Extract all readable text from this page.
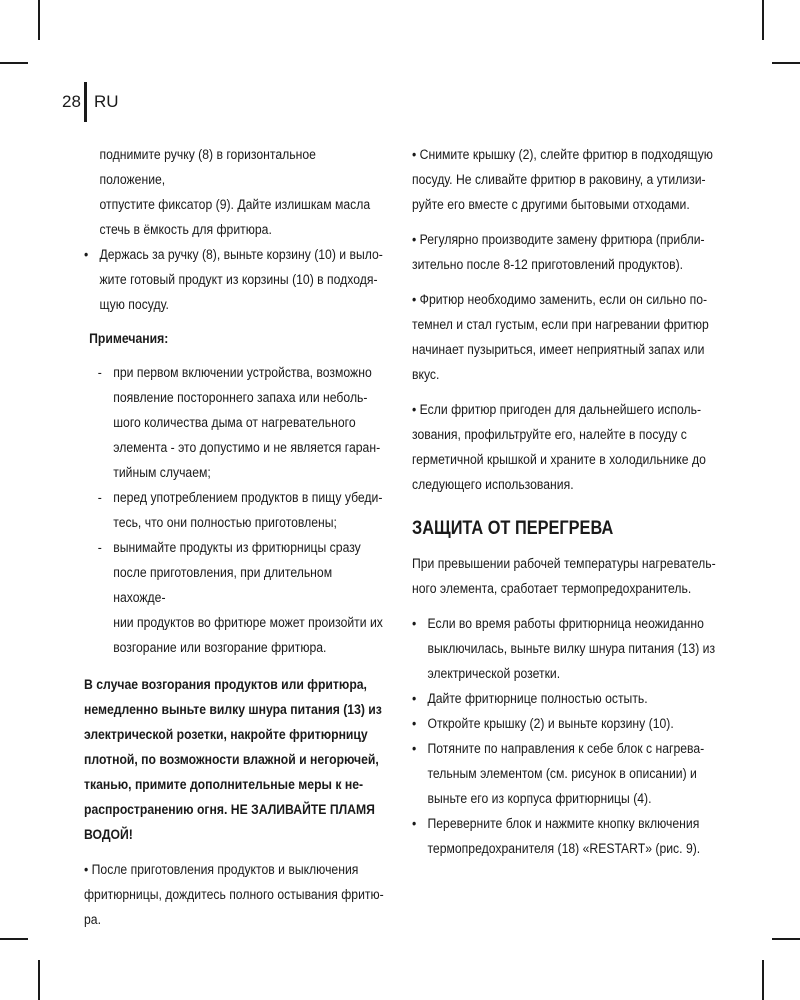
28 RU

поднимите ручку (8) в горизонтальное положение,

отпустите фиксатор (9). Дайте излишкам масла

стечь в ёмкость для фритюра.

• Держась за ручку (8), выньте корзину (10) и выло-

жите готовый продукт из корзины (10) в подходя-

щую посуду.

Примечания:

- при первом включении устройства, возможно

появление постороннего запаха или неболь-

шого количества дыма от нагревательного

элемента - это допустимо и не является гаран-

тийным случаем;

- перед употреблением продуктов в пищу убеди-

тесь, что они полностью приготовлены;

- вынимайте продукты из фритюрницы сразу

после приготовления, при длительном нахожде-

нии продуктов во фритюре может произойти их

возгорание или возгорание фритюра.

В случае возгорания продуктов или фритюра,

немедленно выньте вилку шнура питания (13) из

электрической розетки, накройте фритюрницу

плотной, по возможности влажной и негорючей,

тканью, примите дополнительные меры к не-

распространению огня. НЕ ЗАЛИВАЙТЕ ПЛАМЯ

ВОДОЙ!

• После приготовления продуктов и выключения

фритюрницы, дождитесь полного остывания фритю-

ра.

• Снимите крышку (2), слейте фритюр в подходящую

посуду. Не сливайте фритюр в раковину, а утилизи-

руйте его вместе с другими бытовыми отходами.

• Регулярно производите замену фритюра (прибли-

зительно после 8-12 приготовлений продуктов).

• Фритюр необходимо заменить, если он сильно по-

темнел и стал густым, если при нагревании фритюр

начинает пузыриться, имеет неприятный запах или

вкус.

• Если фритюр пригоден для дальнейшего исполь-

зования, профильтруйте его, налейте в посуду с

герметичной крышкой и храните в холодильнике до

следующего использования.

ЗАЩИТА ОТ ПЕРЕГРЕВА

При превышении рабочей температуры нагреватель-

ного элемента, сработает термопредохранитель.

• Если во время работы фритюрница неожиданно

выключилась, выньте вилку шнура питания (13) из

электрической розетки.

• Дайте фритюрнице полностью остыть.

• Откройте крышку (2) и выньте корзину (10).

• Потяните по направления к себе блок с нагрева-

тельным элементом (см. рисунок в описании) и

выньте его из корпуса фритюрницы (4).

• Переверните блок и нажмите кнопку включения

термопредохранителя (18) «RESTART» (рис. 9).
